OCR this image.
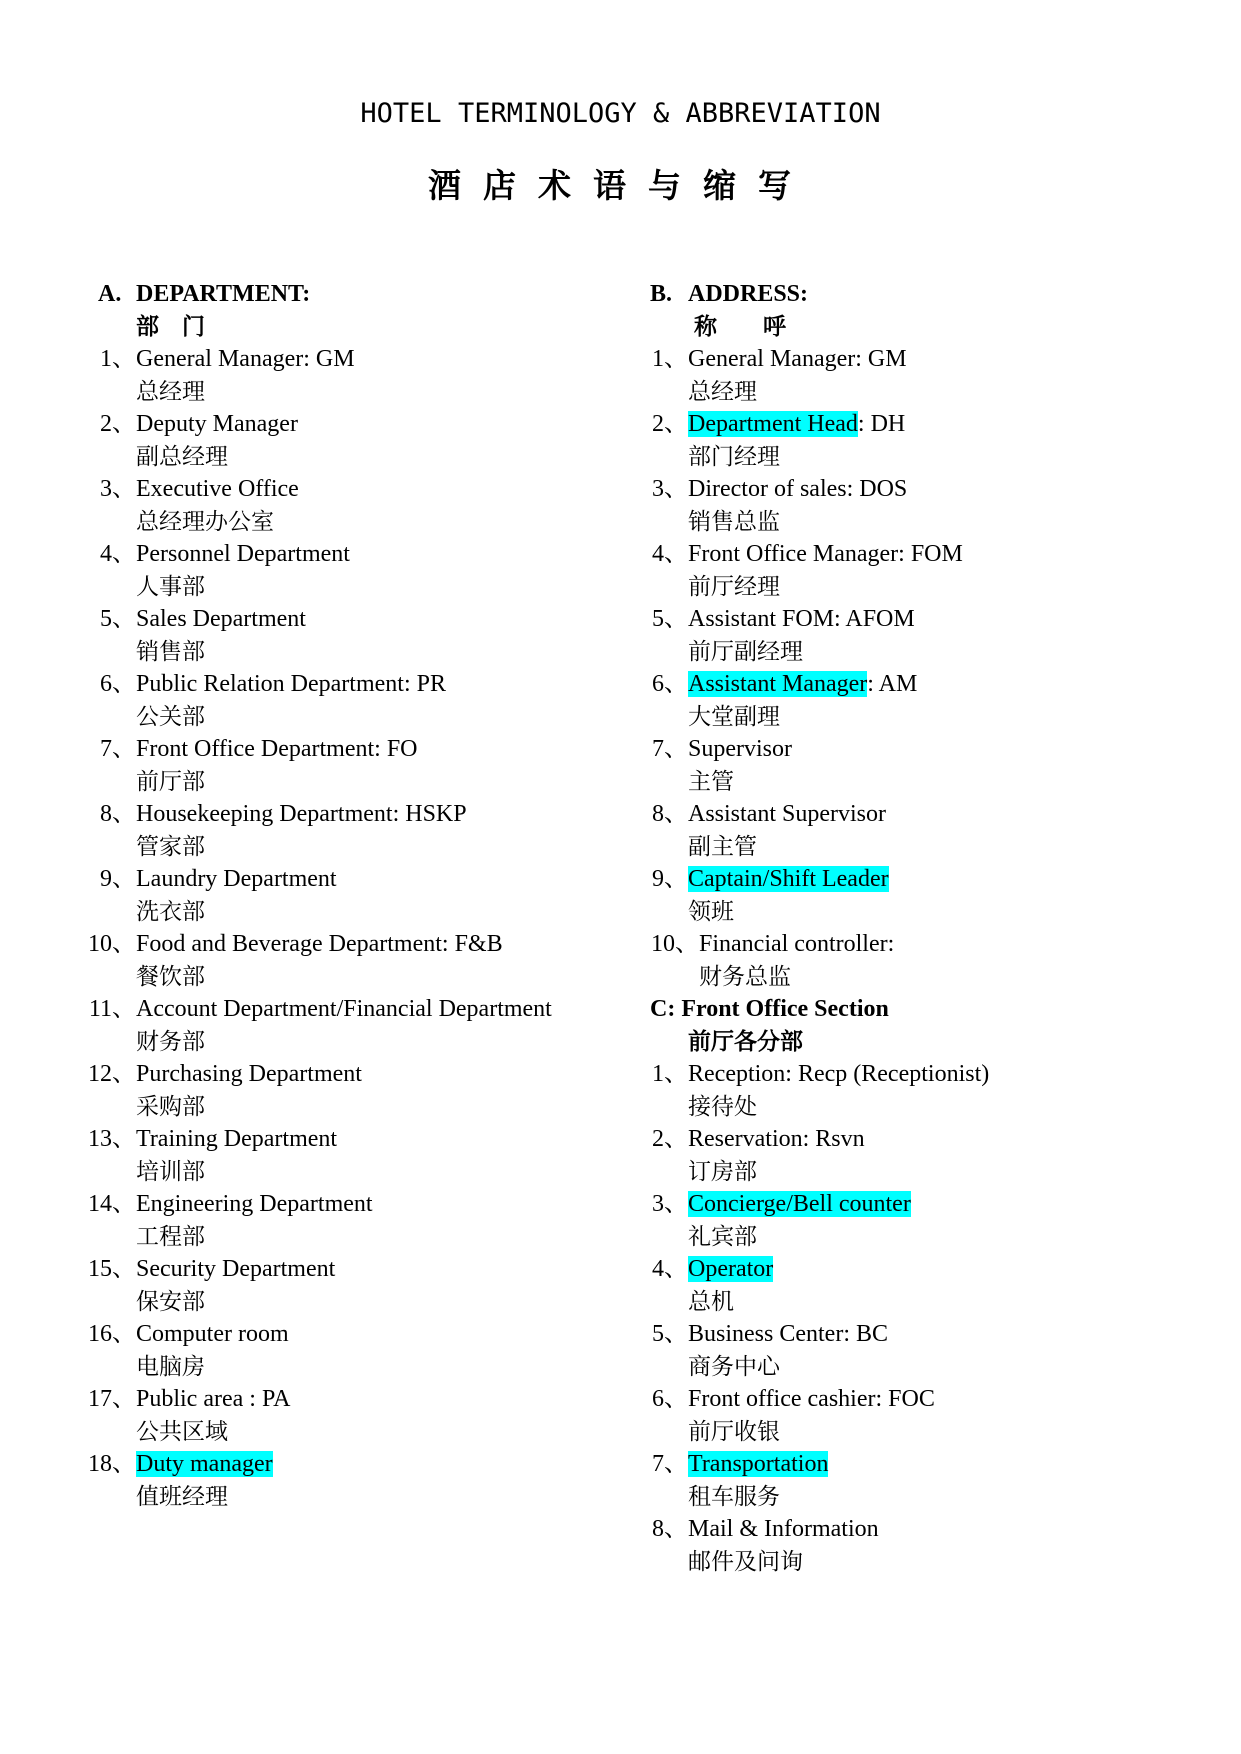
HOTEL TERMINOLOGY & ABBREVIATION
酒店术语与缩写
A. DEPARTMENT:
部　门
1、General Manager: GM
总经理
2、Deputy Manager
副总经理
3、Executive Office
总经理办公室
4、Personnel Department
人事部
5、Sales Department
销售部
6、Public Relation Department: PR
公关部
7、Front Office Department: FO
前厅部
8、Housekeeping Department: HSKP
管家部
9、Laundry Department
洗衣部
10、Food and Beverage Department: F&B
餐饮部
11、Account Department/Financial Department
财务部
12、Purchasing Department
采购部
13、Training Department
培训部
14、Engineering Department
工程部
15、Security Department
保安部
16、Computer room
电脑房
17、Public area : PA
公共区域
18、Duty manager
值班经理
B. ADDRESS:
称　　呼
1、General Manager: GM
总经理
2、Department Head: DH
部门经理
3、Director of sales: DOS
销售总监
4、Front Office Manager: FOM
前厅经理
5、Assistant FOM: AFOM
前厅副经理
6、Assistant Manager: AM
大堂副理
7、Supervisor
主管
8、Assistant Supervisor
副主管
9、Captain/Shift Leader
领班
10、Financial controller:
财务总监
C: Front Office Section
前厅各分部
1、Reception: Recp (Receptionist)
接待处
2、Reservation: Rsvn
订房部
3、Concierge/Bell counter
礼宾部
4、Operator
总机
5、Business Center: BC
商务中心
6、Front office cashier: FOC
前厅收银
7、Transportation
租车服务
8、Mail & Information
邮件及问询
